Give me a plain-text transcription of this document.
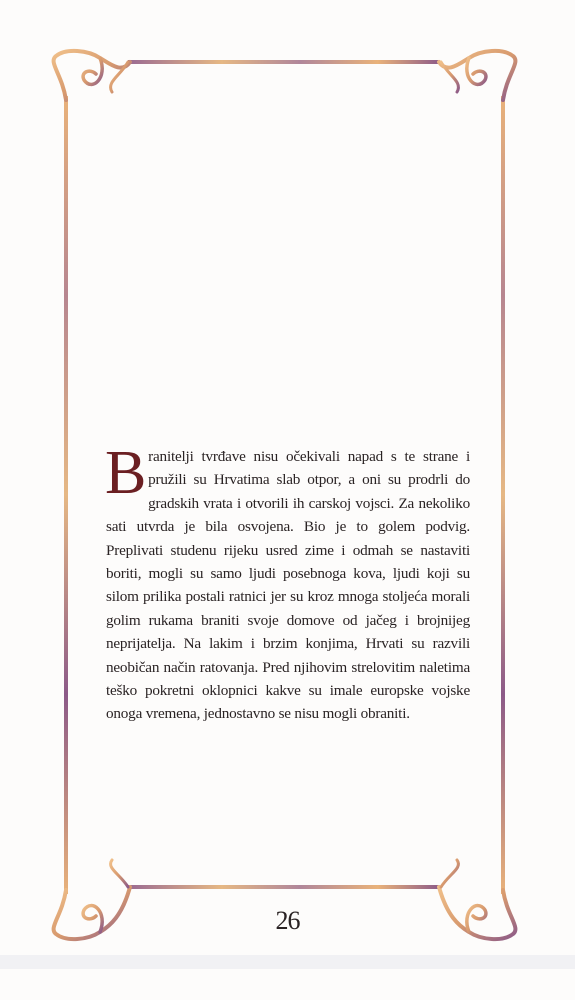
Branitelji tvrđave nisu očekivali napad s te strane i pružili su Hrvatima slab otpor, a oni su prodrli do gradskih vrata i otvorili ih carskoj vojsci. Za nekoliko sati utvrda je bila osvojena. Bio je to golem podvig. Preplivati studenu rijeku usred zime i odmah se nastaviti boriti, mogli su samo ljudi posebnoga kova, ljudi koji su silom prilika postali ratnici jer su kroz mnoga stoljeća morali golim rukama braniti svoje domove od jačeg i brojnijeg neprijatelja. Na lakim i brzim konjima, Hrvati su razvili neobičan način ratovanja. Pred njihovim strelovitim naletima teško pokretni oklopnici kakve su imale europske vojske onoga vremena, jednostavno se nisu mogli obraniti.
26
